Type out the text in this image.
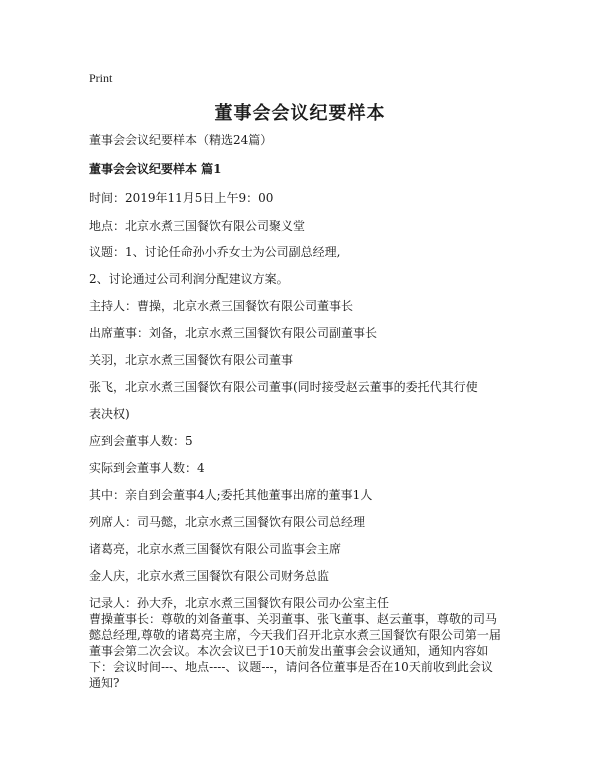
Print
董事会会议纪要样本
董事会会议纪要样本（精选24篇）
董事会会议纪要样本 篇1
时间：2019年11月5日上午9：00
地点：北京水煮三国餐饮有限公司聚义堂
议题：1、讨论任命孙小乔女士为公司副总经理,
2、讨论通过公司利润分配建议方案。
主持人：曹操，北京水煮三国餐饮有限公司董事长
出席董事：刘备，北京水煮三国餐饮有限公司副董事长
关羽，北京水煮三国餐饮有限公司董事
张飞，北京水煮三国餐饮有限公司董事(同时接受赵云董事的委托代其行使
表决权)
应到会董事人数：5
实际到会董事人数：4
其中：亲自到会董事4人;委托其他董事出席的董事1人
列席人：司马懿，北京水煮三国餐饮有限公司总经理
诸葛亮，北京水煮三国餐饮有限公司监事会主席
金人庆，北京水煮三国餐饮有限公司财务总监
记录人：孙大乔，北京水煮三国餐饮有限公司办公室主任
曹操董事长：尊敬的刘备董事、关羽董事、张飞董事、赵云董事，尊敬的司马懿总经理,尊敬的诸葛亮主席，今天我们召开北京水煮三国餐饮有限公司第一届董事会第二次会议。本次会议已于10天前发出董事会会议通知，通知内容如下：会议时间---、地点----、议题---，请问各位董事是否在10天前收到此会议通知?
